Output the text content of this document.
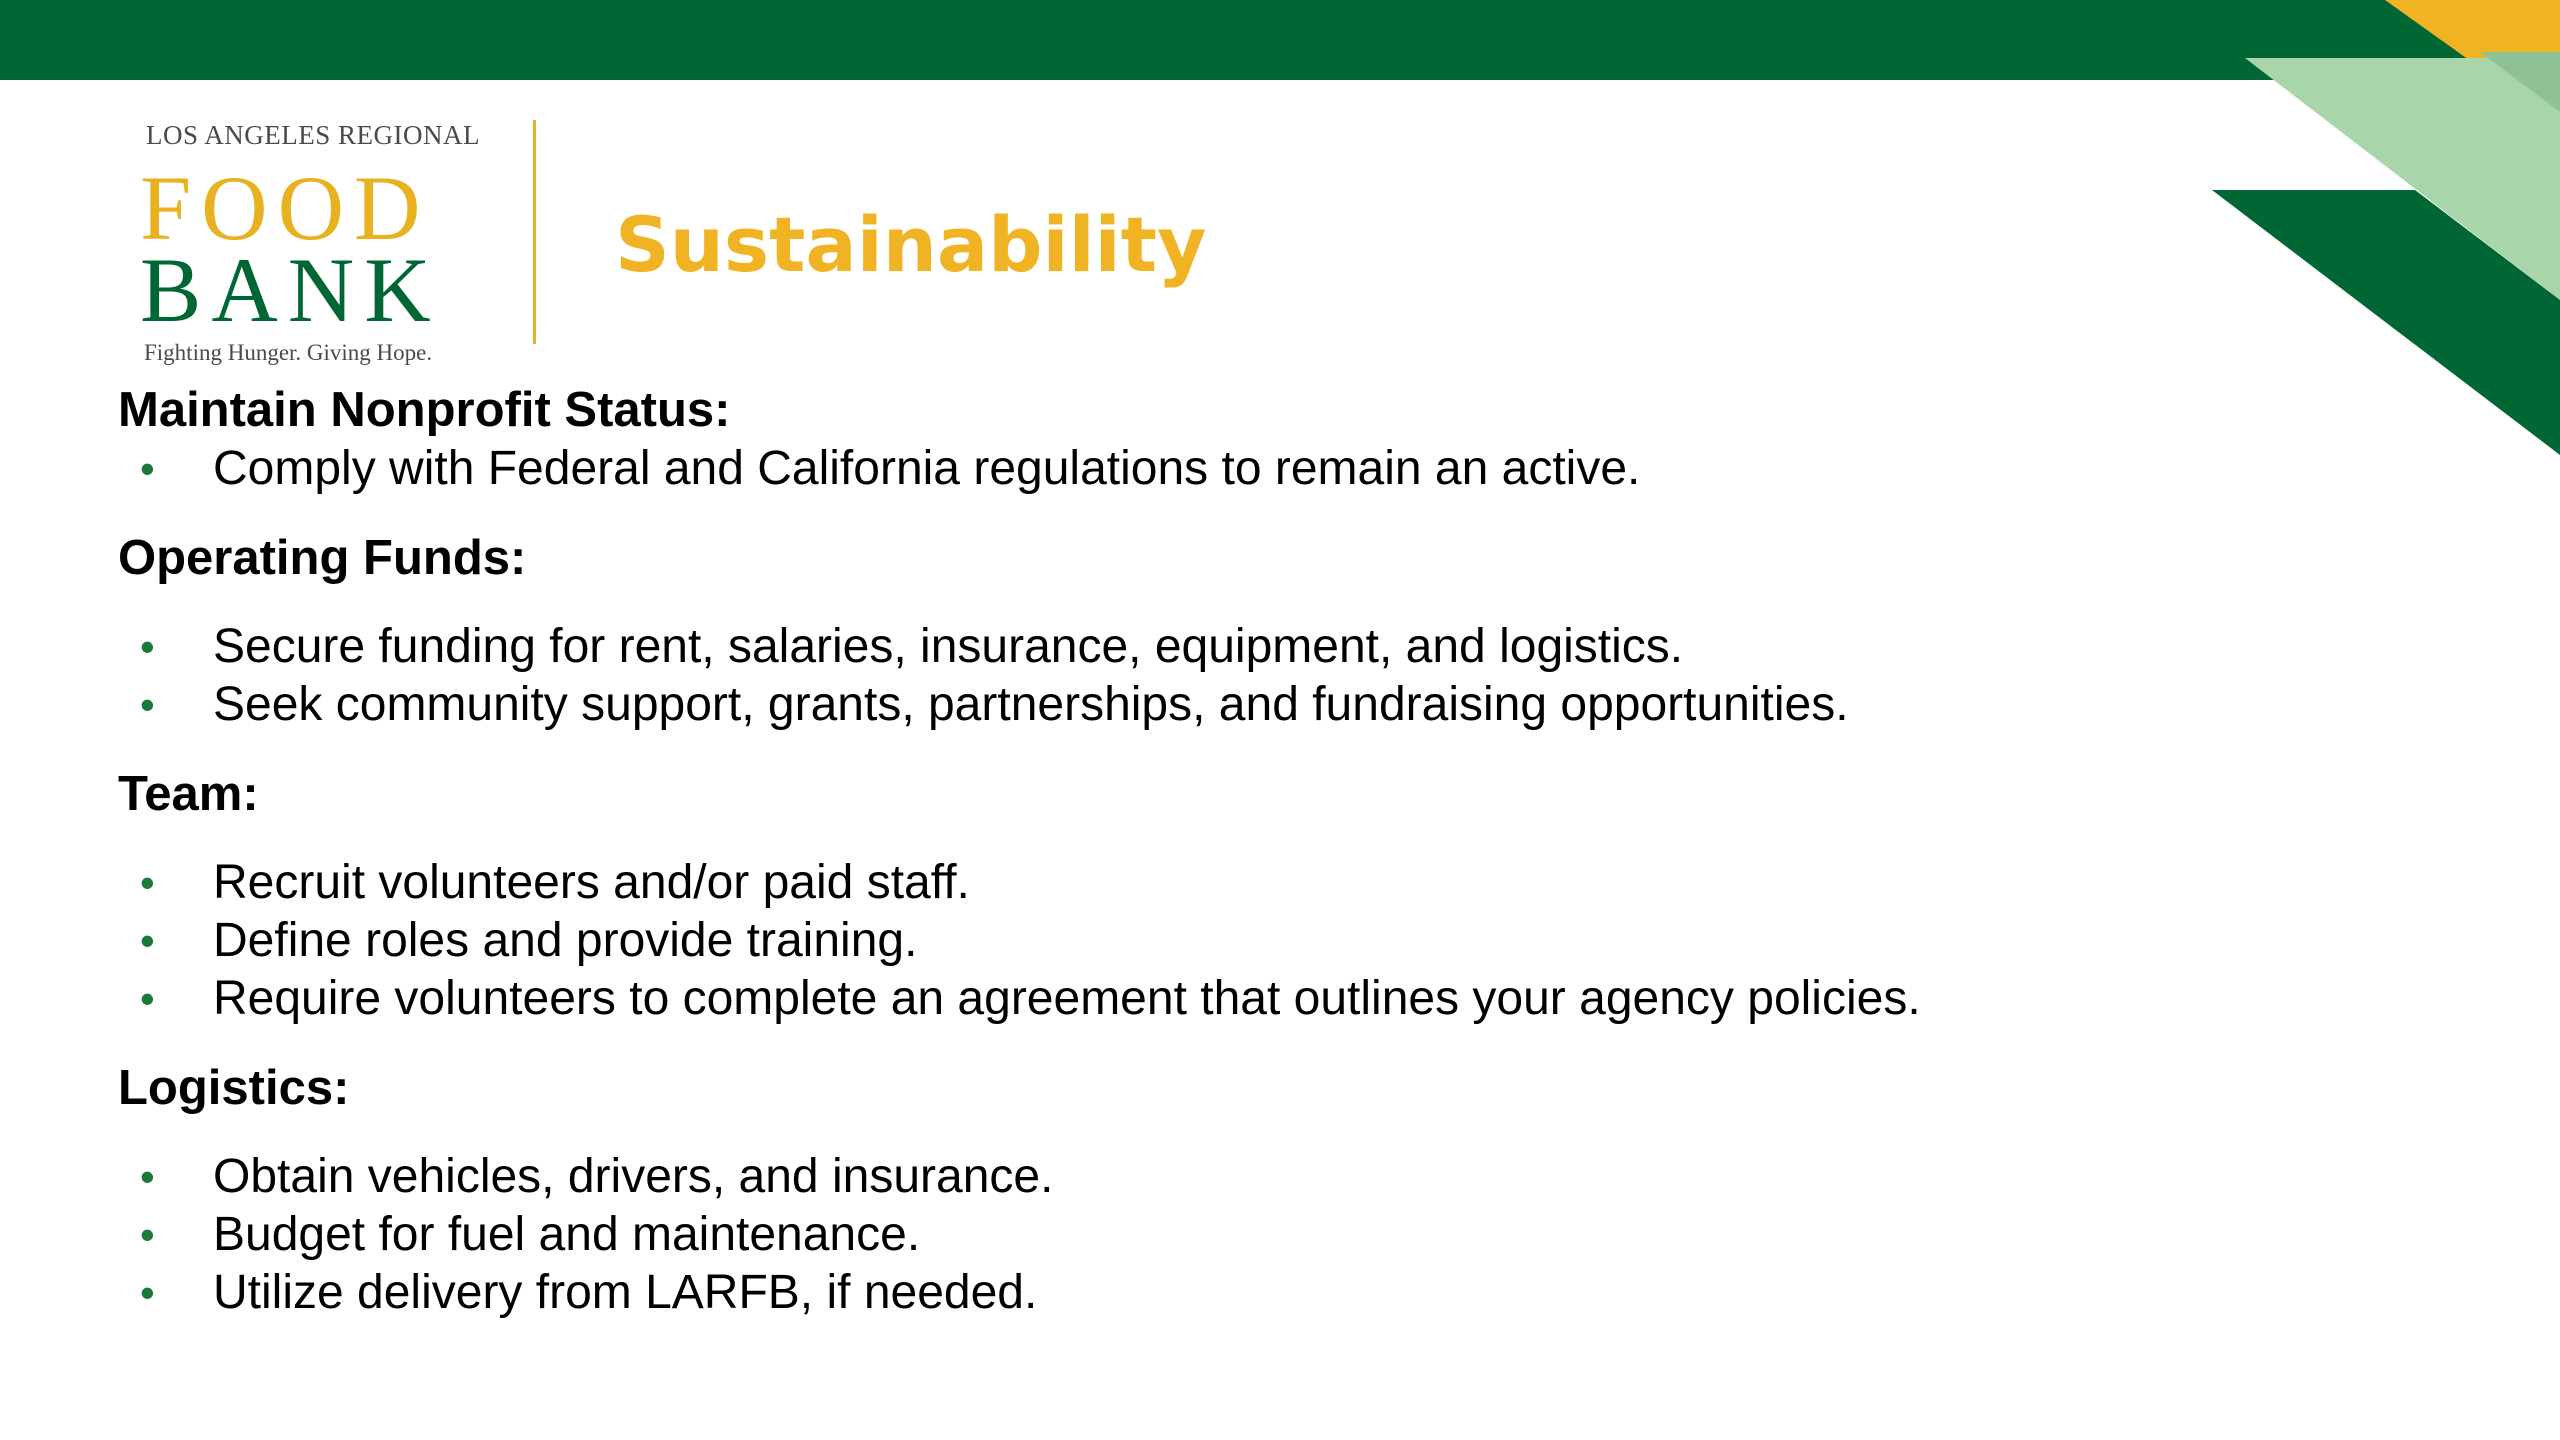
LOS ANGELES REGIONAL
FOOD
BANK
Fighting Hunger. Giving Hope.
Sustainability

Maintain Nonprofit Status:

• Comply with Federal and California regulations to remain an active.

Operating Funds:

• Secure funding for rent, salaries, insurance, equipment, and logistics.
• Seek community support, grants, partnerships, and fundraising opportunities.

Team:

• Recruit volunteers and/or paid staff.
• Define roles and provide training.
• Require volunteers to complete an agreement that outlines your agency policies.

Logistics:

• Obtain vehicles, drivers, and insurance.
• Budget for fuel and maintenance.
• Utilize delivery from LARFB, if needed.
